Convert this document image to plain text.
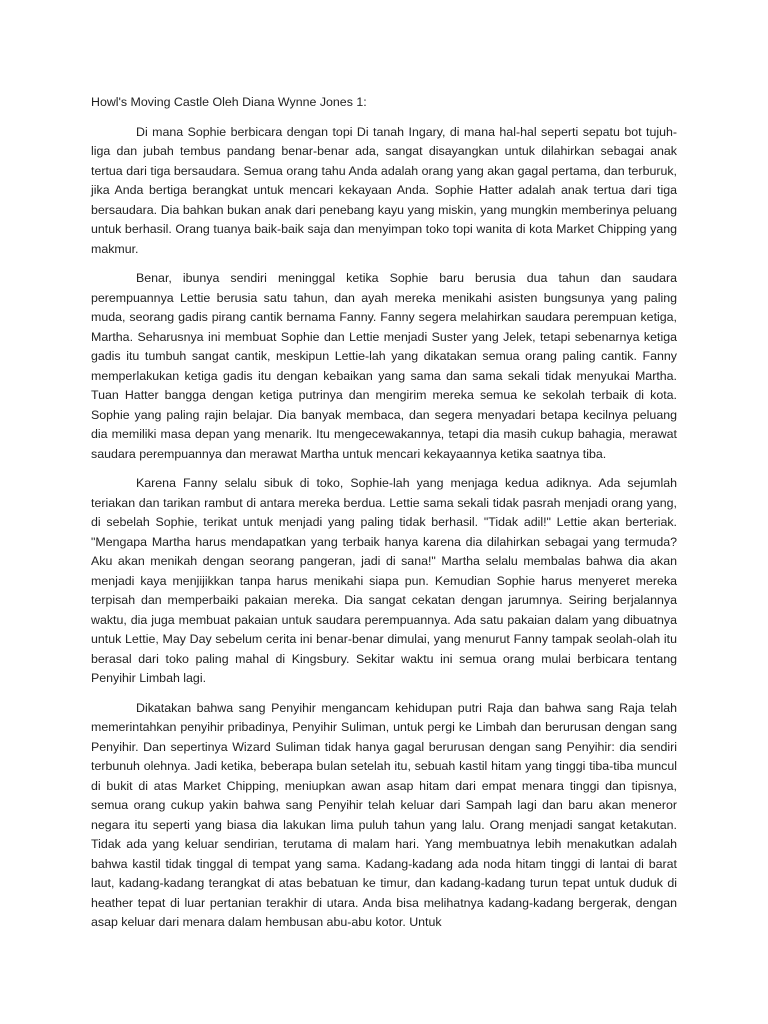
Howl's Moving Castle Oleh Diana Wynne Jones 1:

Di mana Sophie berbicara dengan topi Di tanah Ingary, di mana hal-hal seperti sepatu bot tujuh-liga dan jubah tembus pandang benar-benar ada, sangat disayangkan untuk dilahirkan sebagai anak tertua dari tiga bersaudara. Semua orang tahu Anda adalah orang yang akan gagal pertama, dan terburuk, jika Anda bertiga berangkat untuk mencari kekayaan Anda. Sophie Hatter adalah anak tertua dari tiga bersaudara. Dia bahkan bukan anak dari penebang kayu yang miskin, yang mungkin memberinya peluang untuk berhasil. Orang tuanya baik-baik saja dan menyimpan toko topi wanita di kota Market Chipping yang makmur.

Benar, ibunya sendiri meninggal ketika Sophie baru berusia dua tahun dan saudara perempuannya Lettie berusia satu tahun, dan ayah mereka menikahi asisten bungsunya yang paling muda, seorang gadis pirang cantik bernama Fanny. Fanny segera melahirkan saudara perempuan ketiga, Martha. Seharusnya ini membuat Sophie dan Lettie menjadi Suster yang Jelek, tetapi sebenarnya ketiga gadis itu tumbuh sangat cantik, meskipun Lettie-lah yang dikatakan semua orang paling cantik. Fanny memperlakukan ketiga gadis itu dengan kebaikan yang sama dan sama sekali tidak menyukai Martha. Tuan Hatter bangga dengan ketiga putrinya dan mengirim mereka semua ke sekolah terbaik di kota. Sophie yang paling rajin belajar. Dia banyak membaca, dan segera menyadari betapa kecilnya peluang dia memiliki masa depan yang menarik. Itu mengecewakannya, tetapi dia masih cukup bahagia, merawat saudara perempuannya dan merawat Martha untuk mencari kekayaannya ketika saatnya tiba.

Karena Fanny selalu sibuk di toko, Sophie-lah yang menjaga kedua adiknya. Ada sejumlah teriakan dan tarikan rambut di antara mereka berdua. Lettie sama sekali tidak pasrah menjadi orang yang, di sebelah Sophie, terikat untuk menjadi yang paling tidak berhasil. "Tidak adil!" Lettie akan berteriak. "Mengapa Martha harus mendapatkan yang terbaik hanya karena dia dilahirkan sebagai yang termuda? Aku akan menikah dengan seorang pangeran, jadi di sana!" Martha selalu membalas bahwa dia akan menjadi kaya menjijikkan tanpa harus menikahi siapa pun. Kemudian Sophie harus menyeret mereka terpisah dan memperbaiki pakaian mereka. Dia sangat cekatan dengan jarumnya. Seiring berjalannya waktu, dia juga membuat pakaian untuk saudara perempuannya. Ada satu pakaian dalam yang dibuatnya untuk Lettie, May Day sebelum cerita ini benar-benar dimulai, yang menurut Fanny tampak seolah-olah itu berasal dari toko paling mahal di Kingsbury. Sekitar waktu ini semua orang mulai berbicara tentang Penyihir Limbah lagi.

Dikatakan bahwa sang Penyihir mengancam kehidupan putri Raja dan bahwa sang Raja telah memerintahkan penyihir pribadinya, Penyihir Suliman, untuk pergi ke Limbah dan berurusan dengan sang Penyihir. Dan sepertinya Wizard Suliman tidak hanya gagal berurusan dengan sang Penyihir: dia sendiri terbunuh olehnya. Jadi ketika, beberapa bulan setelah itu, sebuah kastil hitam yang tinggi tiba-tiba muncul di bukit di atas Market Chipping, meniupkan awan asap hitam dari empat menara tinggi dan tipisnya, semua orang cukup yakin bahwa sang Penyihir telah keluar dari Sampah lagi dan baru akan meneror negara itu seperti yang biasa dia lakukan lima puluh tahun yang lalu. Orang menjadi sangat ketakutan. Tidak ada yang keluar sendirian, terutama di malam hari. Yang membuatnya lebih menakutkan adalah bahwa kastil tidak tinggal di tempat yang sama. Kadang-kadang ada noda hitam tinggi di lantai di barat laut, kadang-kadang terangkat di atas bebatuan ke timur, dan kadang-kadang turun tepat untuk duduk di heather tepat di luar pertanian terakhir di utara. Anda bisa melihatnya kadang-kadang bergerak, dengan asap keluar dari menara dalam hembusan abu-abu kotor. Untuk
